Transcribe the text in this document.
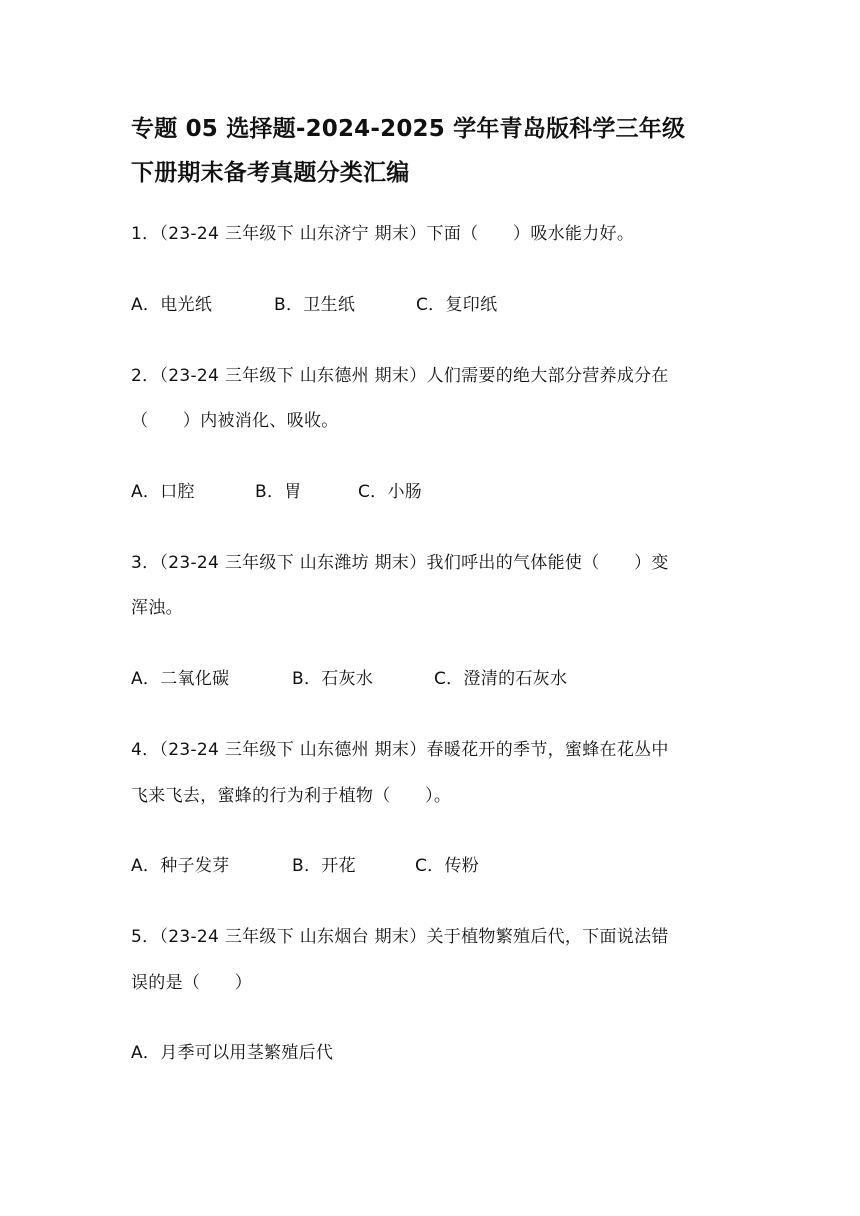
专题 05 选择题-2024-2025 学年青岛版科学三年级
下册期末备考真题分类汇编
1．（23-24 三年级下 山东济宁 期末）下面（　　）吸水能力好。
A．电光纸	B．卫生纸	C．复印纸
2．（23-24 三年级下 山东德州 期末）人们需要的绝大部分营养成分在
（　　）内被消化、吸收。
A．口腔	B．胃	C．小肠
3．（23-24 三年级下 山东潍坊 期末）我们呼出的气体能使（　　）变
浑浊。
A．二氧化碳	B．石灰水	C．澄清的石灰水
4．（23-24 三年级下 山东德州 期末）春暖花开的季节，蜜蜂在花丛中
飞来飞去，蜜蜂的行为利于植物（　　）。
A．种子发芽	B．开花	C．传粉
5．（23-24 三年级下 山东烟台 期末）关于植物繁殖后代，下面说法错
误的是（　　）
A．月季可以用茎繁殖后代
